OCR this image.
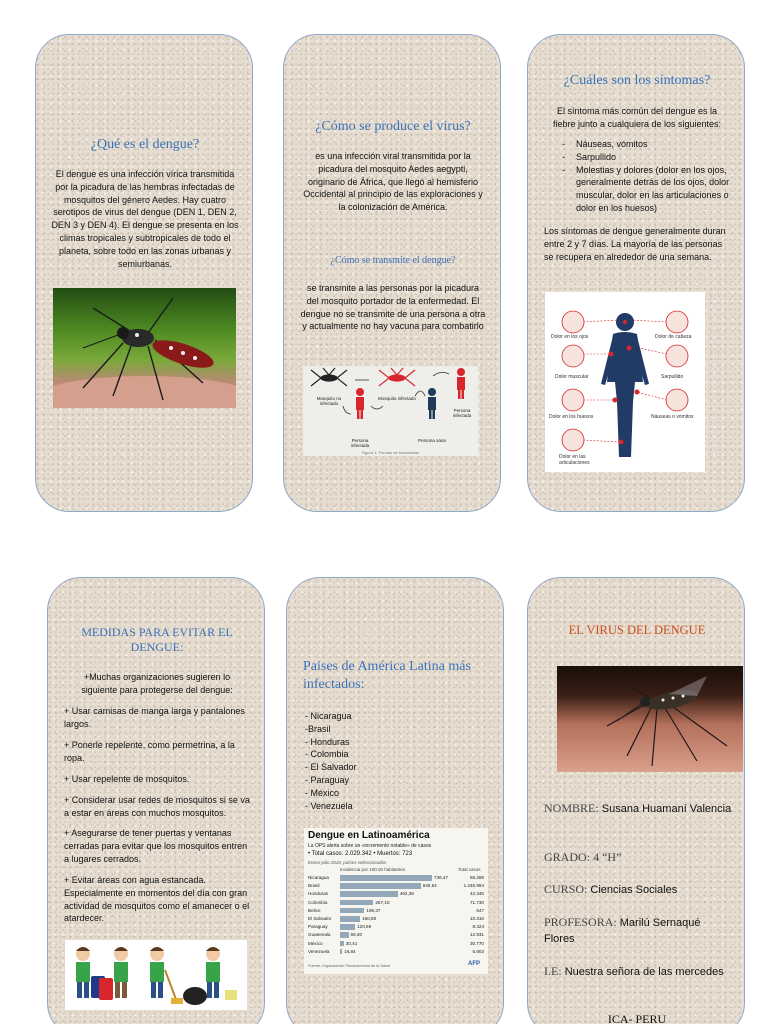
¿Qué es el dengue?
El dengue es una infección vírica transmitida por la picadura de las hembras infectadas de mosquitos del género Aedes. Hay cuatro serotipos de virus del dengue (DEN 1, DEN 2, DEN 3 y DEN 4). El dengue se presenta en los climas tropicales y subtropicales de todo el planeta, sobre todo en las zonas urbanas y semiurbanas.
¿Cómo se produce el virus?
es una infección viral transmitida por la picadura del mosquito Aedes aegypti, originario de África, que llegó al hemisferio Occidental al principio de las exploraciones y la colonización de América.
¿Cómo se transmite el dengue?
se transmite a las personas por la picadura del mosquito portador de la enfermedad. El dengue no se transmite de una persona a otra y actualmente no hay vacuna para combatirlo
Mosquito no infectado
Mosquito infectado
Persona infectada
Persona sana
Persona infectada
Figura 1: Formas de transmisión
¿Cuáles son los síntomas?
El síntoma más común del dengue es la fiebre junto a cualquiera de los siguientes:
- Náuseas, vómitos
- Sarpullido
- Molestias y dolores (dolor en los ojos, generalmente detrás de los ojos, dolor muscular, dolor en las articulaciones o dolor en los huesos)
Los síntomas de dengue generalmente duran entre 2 y 7 días. La mayoría de las personas se recupera en alrededor de una semana.
Dolor en los ojos	Dolor de cabeza
Dolor muscular	Sarpullido
Dolor en los huesos	Náuseas o vómitos
Dolor en las articulaciones
MEDIDAS PARA EVITAR EL DENGUE:
+Muchas organizaciones sugieren lo siguiente para protegerse del dengue:
+ Usar camisas de manga larga y pantalones largos.
+ Ponerle repelente, como permetrina, a la ropa.
+ Usar repelente de mosquitos.
+ Considerar usar redes de mosquitos si se va a estar en áreas con muchos mosquitos.
+ Asegurarse de tener puertas y ventanas cerradas para evitar que los mosquitos entren a lugares cerrados.
+ Evitar áreas con agua estancada. Especialmente en momentos del día con gran actividad de mosquitos como el amanecer o el atardecer.
Paises de América Latina más infectados:
- Nicaragua
-Brasil
- Honduras
- Colombia
- El Salvador
- Paraguay
- México
- Venezuela
Dengue en Latinoamérica
La OPS alerta sobre un «incremento notable» de casos
• Total casos: 2.029.342 • Muertos: 723
Enero-julio 2019, países seleccionados
Incidencia por 100.00 habitantes	Total casos
Nicaragua	736,47	55.289
Brasil	645,54	1.345.994
Honduras	462,39	42.346
Colombia	267,10	71.730
Belice	195,37	647
El Salvador	160,80	10.316
Paraguay	120,69	8.324
Guatemala	68,30	12.931
México	30,41	30.770
Venezuela	16,84	5.903
Fuente: Organización Panamericana de la Salud	AFP
EL VIRUS DEL DENGUE
NOMBRE: Susana Huamaní Valencia
GRADO: 4 “H”
CURSO: Ciencias Sociales
PROFESORA: Marilú Sernaqué Flores
I.E: Nuestra señora de las mercedes
ICA- PERU
